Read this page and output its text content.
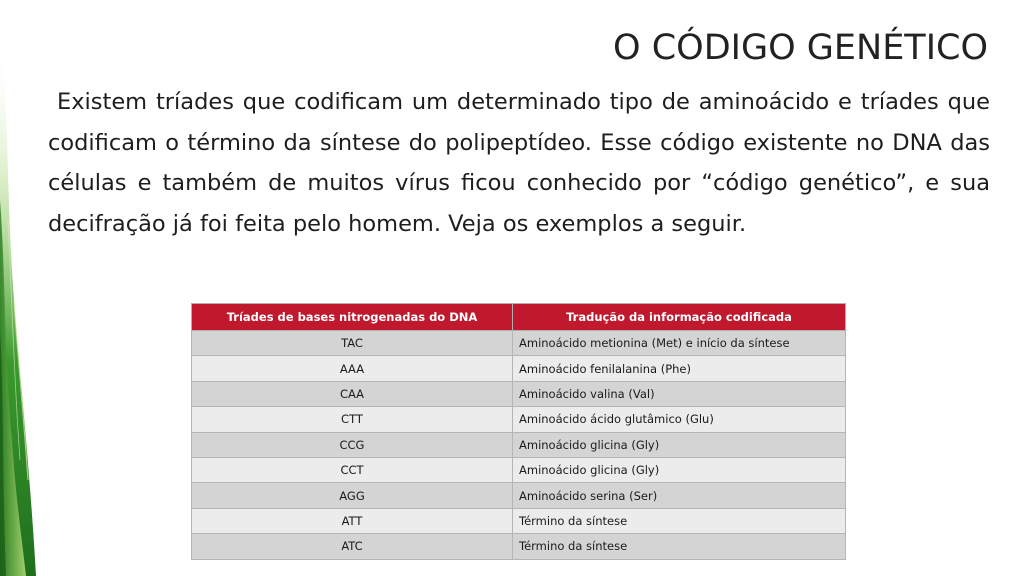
O CÓDIGO GENÉTICO
Existem tríades que codificam um determinado tipo de aminoácido e tríades que codificam o término da síntese do polipeptídeo. Esse código existente no DNA das células e também de muitos vírus ficou conhecido por “código genético”, e sua decifração já foi feita pelo homem. Veja os exemplos a seguir.
Tríades de bases nitrogenadas do DNA	Tradução da informação codificada
TAC	Aminoácido metionina (Met) e início da síntese
AAA	Aminoácido fenilalanina (Phe)
CAA	Aminoácido valina (Val)
CTT	Aminoácido ácido glutâmico (Glu)
CCG	Aminoácido glicina (Gly)
CCT	Aminoácido glicina (Gly)
AGG	Aminoácido serina (Ser)
ATT	Término da síntese
ATC	Término da síntese
